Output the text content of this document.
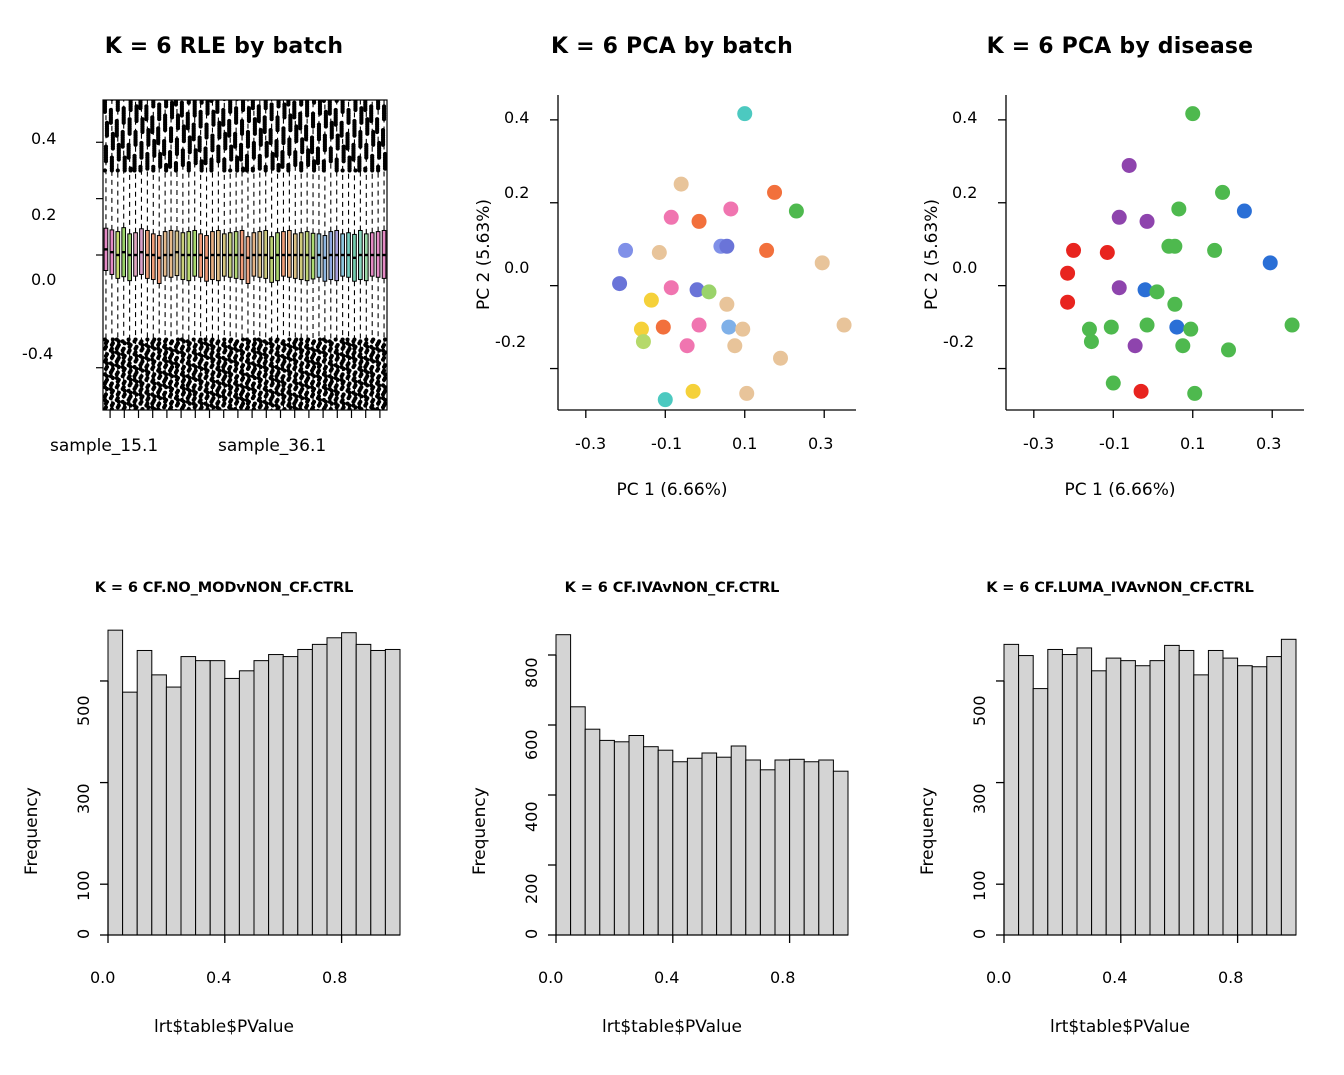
K = 6 RLE by batch
0.4
0.2
0.0
-0.4
sample_15.1	sample_36.1
K = 6 PCA by batch
PC 2 (5.63%)
PC 1 (6.66%)
0.4
0.2
0.0
-0.2
-0.3	-0.1	0.1	0.3
K = 6 PCA by disease
PC 2 (5.63%)
PC 1 (6.66%)
0.4
0.2
0.0
-0.2
-0.3	-0.1	0.1	0.3
K = 6 CF.NO_MODvNON_CF.CTRL
Frequency
lrt$table$PValue
0
100
300
500
0.0	0.4	0.8
K = 6 CF.IVAvNON_CF.CTRL
Frequency
lrt$table$PValue
0
200
400
600
800
0.0	0.4	0.8
K = 6 CF.LUMA_IVAvNON_CF.CTRL
Frequency
lrt$table$PValue
0
100
300
500
0.0	0.4	0.8
